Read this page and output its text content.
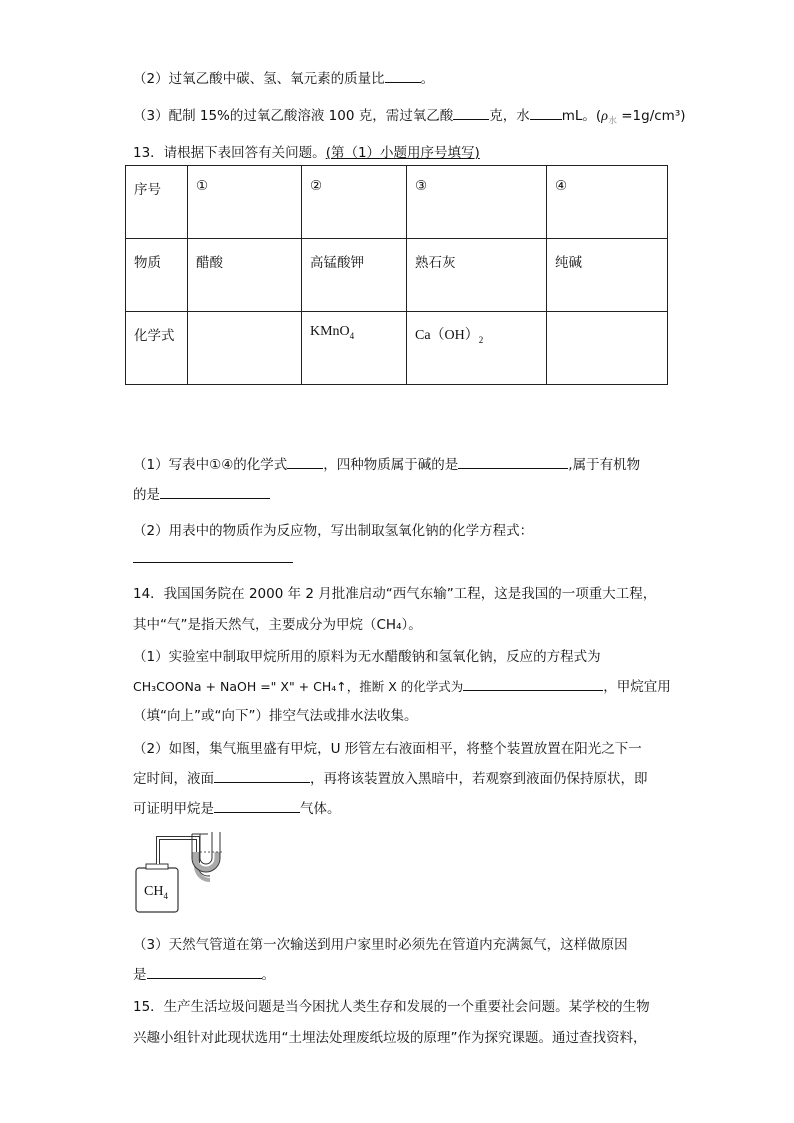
（2）过氧乙酸中碳、氢、氧元素的质量比	。
（3）配制 15%的过氧乙酸溶液 100 克，需过氧乙酸	克，水 mL。$(\rho_水 =1g/cm^3)$
13．请根据下表回答有关问题。(第（1）小题用序号填写)
序号	①	②	③	④
物质	醋酸	高锰酸钾	熟石灰	纯碱
化学式		KMnO$_4$	$Ca(OH)_2$	
（1）写表中①④的化学式	，四种物质属于碱的是	,属于有机物
的是
（2）用表中的物质作为反应物，写出制取氢氧化钠的化学方程式：
14．我国国务院在 2000 年 2 月批准启动“西气东输”工程，这是我国的一项重大工程，
其中“气”是指天然气，主要成分为甲烷（CH₄）。
（1）实验室中制取甲烷所用的原料为无水醋酸钠和氢氧化钠，反应的方程式为
CH₃COONa + NaOH =" X" + CH₄↑，推断 X 的化学式为	，甲烷宜用
（填“向上”或“向下”）排空气法或排水法收集。
（2）如图，集气瓶里盛有甲烷，U 形管左右液面相平，将整个装置放置在阳光之下一
定时间，液面	，再将该装置放入黑暗中，若观察到液面仍保持原状，即
可证明甲烷是	气体。
$CH_4$
（3）天然气管道在第一次输送到用户家里时必须先在管道内充满氮气，这样做原因
是	。
15．生产生活垃圾问题是当今困扰人类生存和发展的一个重要社会问题。某学校的生物
兴趣小组针对此现状选用“土埋法处理废纸垃圾的原理”作为探究课题。通过查找资料，
